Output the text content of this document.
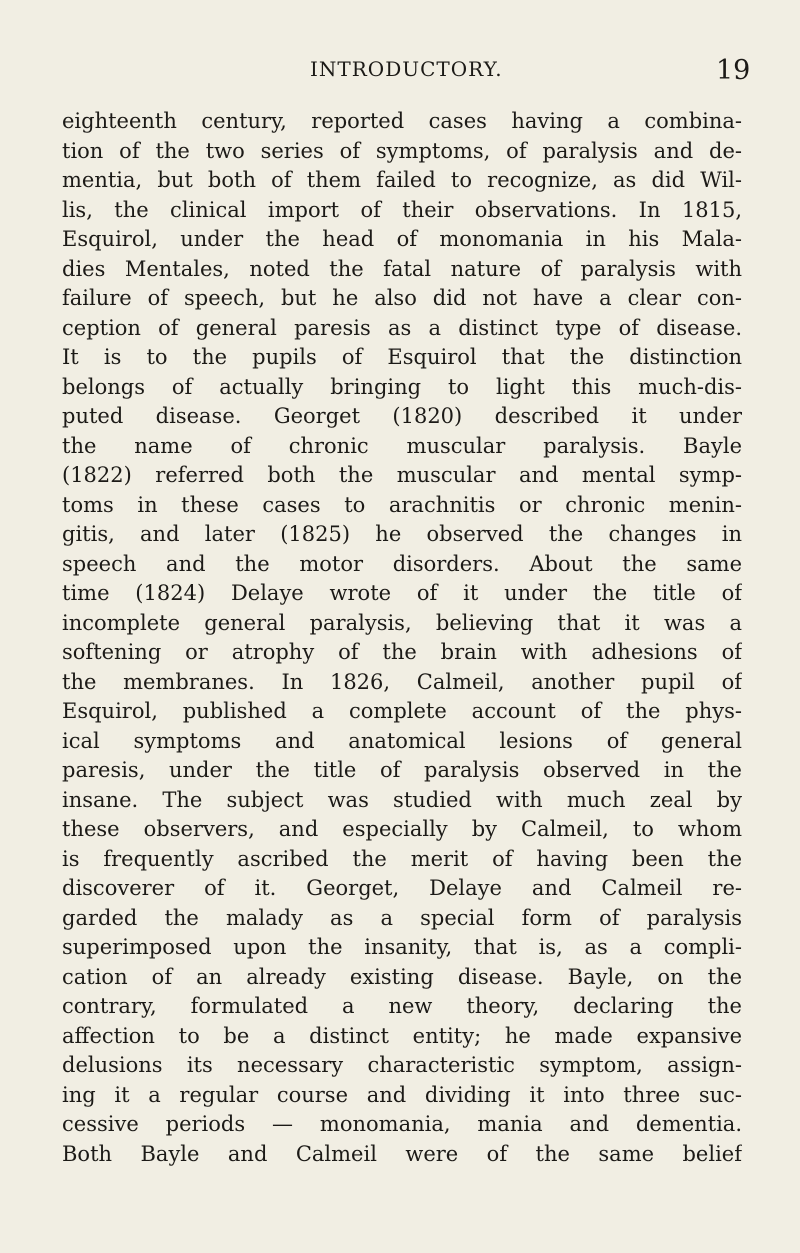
INTRODUCTORY.	19
eighteenth century, reported cases having a combina-
tion of the two series of symptoms, of paralysis and de-
mentia, but both of them failed to recognize, as did Wil-
lis, the clinical import of their observations. In 1815,
Esquirol, under the head of monomania in his Mala-
dies Mentales, noted the fatal nature of paralysis with
failure of speech, but he also did not have a clear con-
ception of general paresis as a distinct type of disease.
It is to the pupils of Esquirol that the distinction
belongs of actually bringing to light this much-dis-
puted disease. Georget (1820) described it under
the name of chronic muscular paralysis. Bayle
(1822) referred both the muscular and mental symp-
toms in these cases to arachnitis or chronic menin-
gitis, and later (1825) he observed the changes in
speech and the motor disorders. About the same
time (1824) Delaye wrote of it under the title of
incomplete general paralysis, believing that it was a
softening or atrophy of the brain with adhesions of
the membranes. In 1826, Calmeil, another pupil of
Esquirol, published a complete account of the phys-
ical symptoms and anatomical lesions of general
paresis, under the title of paralysis observed in the
insane. The subject was studied with much zeal by
these observers, and especially by Calmeil, to whom
is frequently ascribed the merit of having been the
discoverer of it. Georget, Delaye and Calmeil re-
garded the malady as a special form of paralysis
superimposed upon the insanity, that is, as a compli-
cation of an already existing disease. Bayle, on the
contrary, formulated a new theory, declaring the
affection to be a distinct entity; he made expansive
delusions its necessary characteristic symptom, assign-
ing it a regular course and dividing it into three suc-
cessive periods — monomania, mania and dementia.
Both Bayle and Calmeil were of the same belief
